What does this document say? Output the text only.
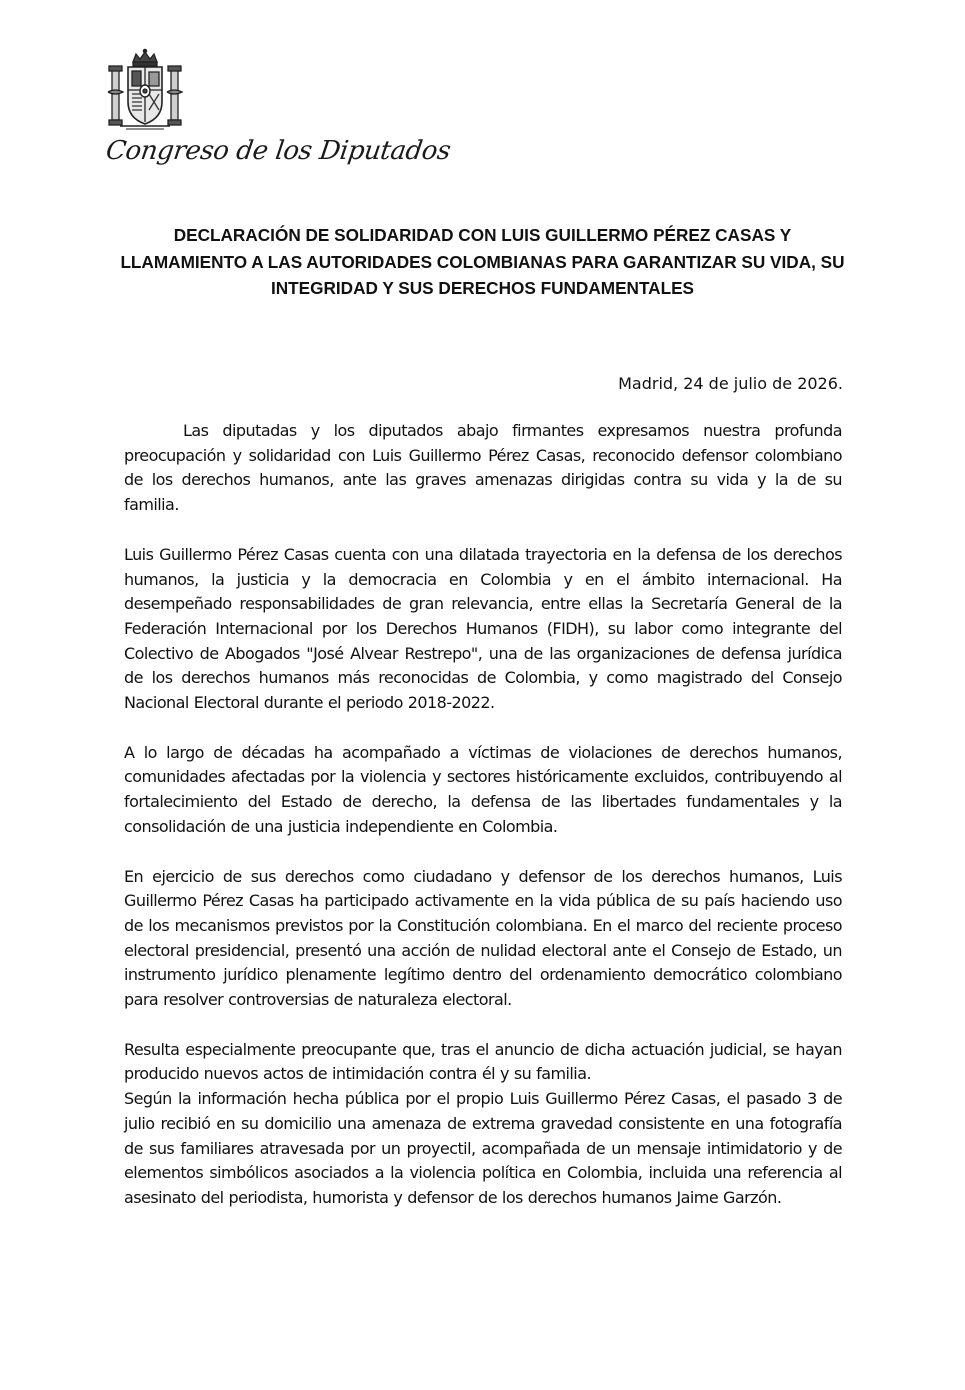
Congreso de los Diputados
DECLARACIÓN DE SOLIDARIDAD CON LUIS GUILLERMO PÉREZ CASAS Y LLAMAMIENTO A LAS AUTORIDADES COLOMBIANAS PARA GARANTIZAR SU VIDA, SU INTEGRIDAD Y SUS DERECHOS FUNDAMENTALES
Madrid, 24 de julio de 2026.

Las diputadas y los diputados abajo firmantes expresamos nuestra profunda preocupación y solidaridad con Luis Guillermo Pérez Casas, reconocido defensor colombiano de los derechos humanos, ante las graves amenazas dirigidas contra su vida y la de su familia.

Luis Guillermo Pérez Casas cuenta con una dilatada trayectoria en la defensa de los derechos humanos, la justicia y la democracia en Colombia y en el ámbito internacional. Ha desempeñado responsabilidades de gran relevancia, entre ellas la Secretaría General de la Federación Internacional por los Derechos Humanos (FIDH), su labor como integrante del Colectivo de Abogados "José Alvear Restrepo", una de las organizaciones de defensa jurídica de los derechos humanos más reconocidas de Colombia, y como magistrado del Consejo Nacional Electoral durante el periodo 2018-2022.

A lo largo de décadas ha acompañado a víctimas de violaciones de derechos humanos, comunidades afectadas por la violencia y sectores históricamente excluidos, contribuyendo al fortalecimiento del Estado de derecho, la defensa de las libertades fundamentales y la consolidación de una justicia independiente en Colombia.

En ejercicio de sus derechos como ciudadano y defensor de los derechos humanos, Luis Guillermo Pérez Casas ha participado activamente en la vida pública de su país haciendo uso de los mecanismos previstos por la Constitución colombiana. En el marco del reciente proceso electoral presidencial, presentó una acción de nulidad electoral ante el Consejo de Estado, un instrumento jurídico plenamente legítimo dentro del ordenamiento democrático colombiano para resolver controversias de naturaleza electoral.

Resulta especialmente preocupante que, tras el anuncio de dicha actuación judicial, se hayan producido nuevos actos de intimidación contra él y su familia.

Según la información hecha pública por el propio Luis Guillermo Pérez Casas, el pasado 3 de julio recibió en su domicilio una amenaza de extrema gravedad consistente en una fotografía de sus familiares atravesada por un proyectil, acompañada de un mensaje intimidatorio y de elementos simbólicos asociados a la violencia política en Colombia, incluida una referencia al asesinato del periodista, humorista y defensor de los derechos humanos Jaime Garzón.
